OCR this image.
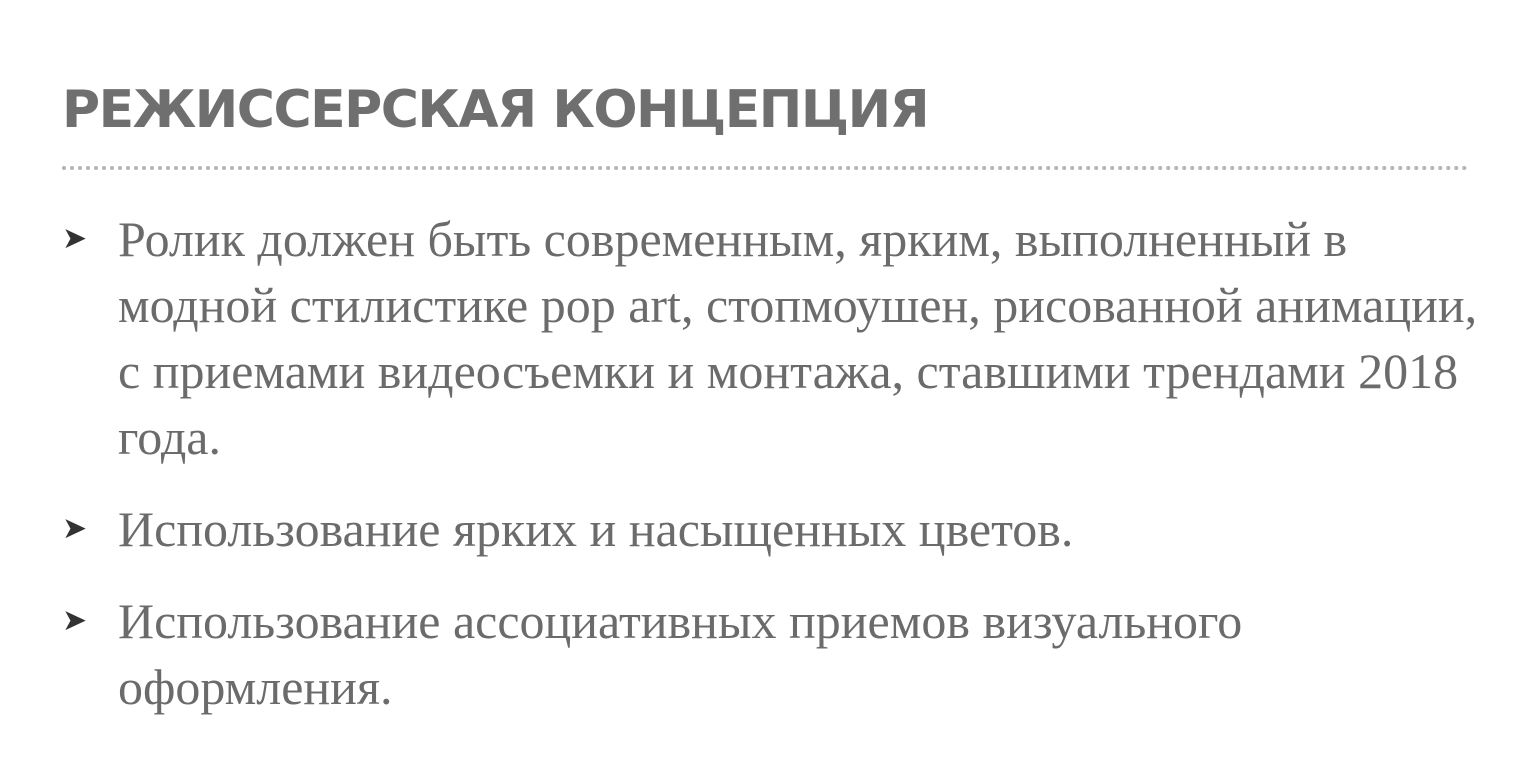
РЕЖИССЕРСКАЯ КОНЦЕПЦИЯ
➤ Ролик должен быть современным, ярким, выполненный в модной стилистике pop art, стопмоушен, рисованной анимации, с приемами видеосъемки и монтажа, ставшими трендами 2018 года.
➤ Использование ярких и насыщенных цветов.
➤ Использование ассоциативных приемов визуального оформления.
